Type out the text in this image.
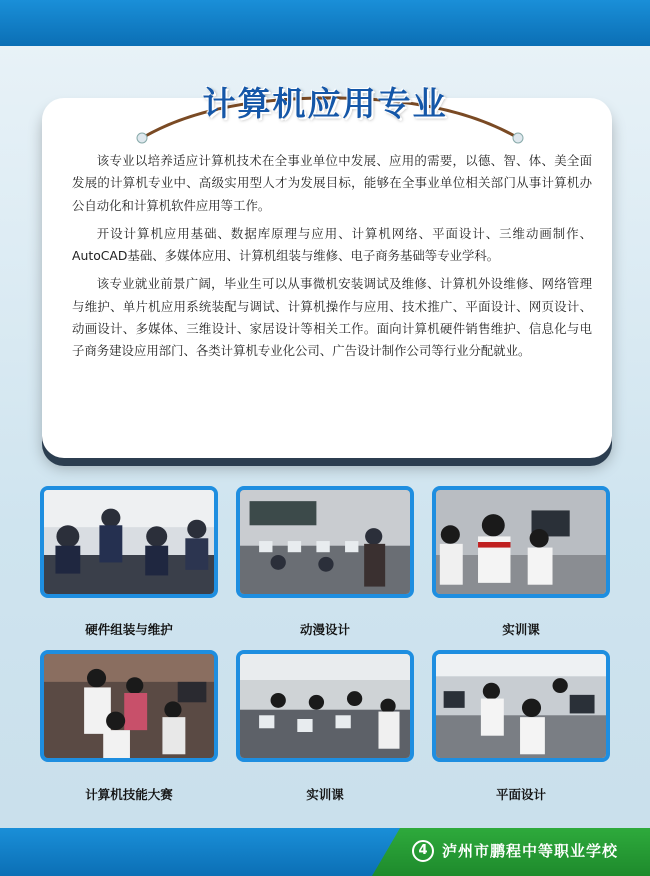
计算机应用专业

该专业以培养适应计算机技术在全事业单位中发展、应用的需要，以德、智、体、美全面发展的计算机专业中、高级实用型人才为发展目标，能够在全事业单位相关部门从事计算机办公自动化和计算机软件应用等工作。

开设计算机应用基础、数据库原理与应用、计算机网络、平面设计、三维动画制作、AutoCAD基础、多媒体应用、计算机组装与维修、电子商务基础等专业学科。

该专业就业前景广阔，毕业生可以从事微机安装调试及维修、计算机外设维修、网络管理与维护、单片机应用系统装配与调试、计算机操作与应用、技术推广、平面设计、网页设计、动画设计、多媒体、三维设计、家居设计等相关工作。面向计算机硬件销售维护、信息化与电子商务建设应用部门、各类计算机专业化公司、广告设计制作公司等行业分配就业。

硬件组装与维护	动漫设计	实训课
计算机技能大赛	实训课	平面设计
4 泸州市鹏程中等职业学校
